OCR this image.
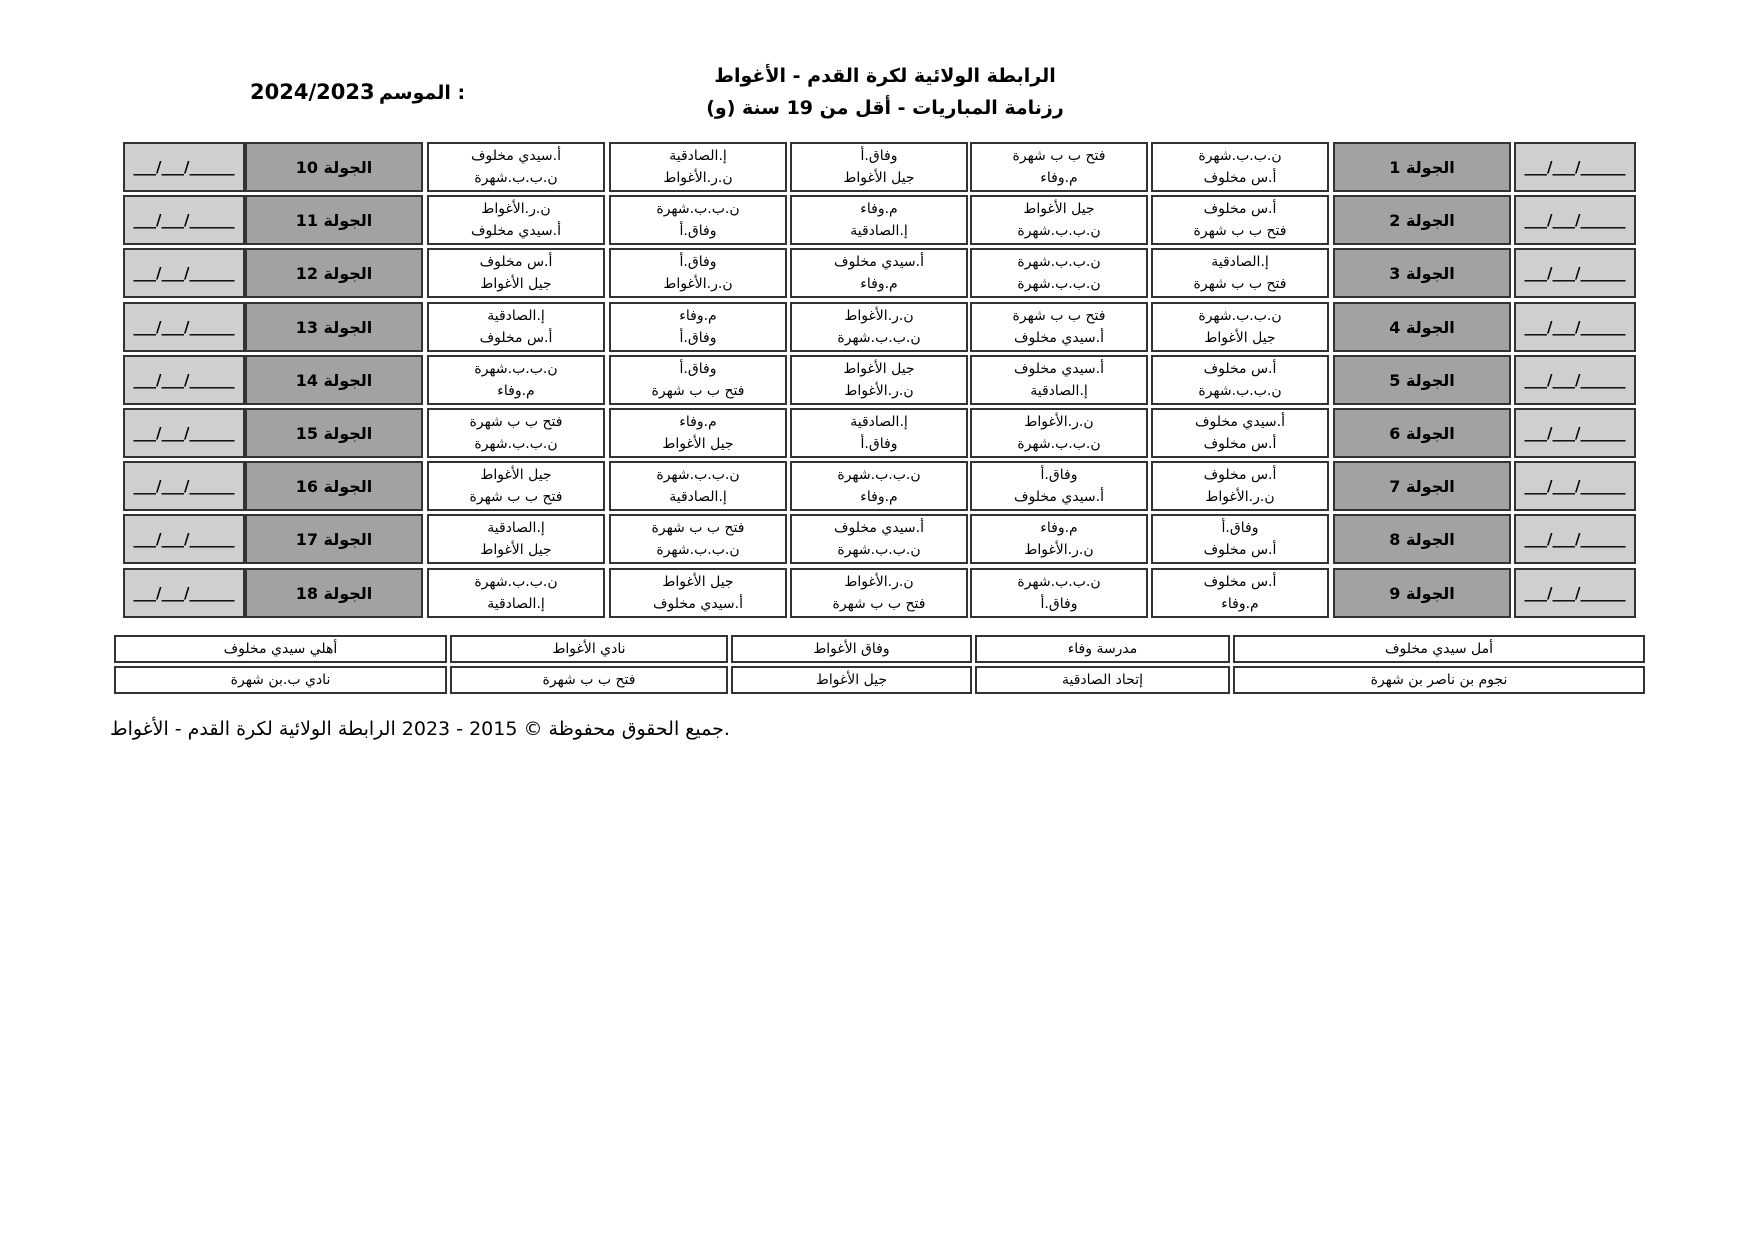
الرابطة الولائية لكرة القدم - الأغواط
رزنامة المباريات - أقل من 19 سنة (و)
الموسم :
2024/2023
___/___/______
الجولة 1
ن.ب.ب.شهرة
أ.س مخلوف
فتح ب ب شهرة
م.وفاء
وفاق.أ
جيل الأغواط
إ.الصادقية
ن.ر.الأغواط
أ.سيدي مخلوف
ن.ب.ب.شهرة
الجولة 10
___/___/______
___/___/______
الجولة 2
أ.س مخلوف
فتح ب ب شهرة
جيل الأغواط
ن.ب.ب.شهرة
م.وفاء
إ.الصادقية
ن.ب.ب.شهرة
وفاق.أ
ن.ر.الأغواط
أ.سيدي مخلوف
الجولة 11
___/___/______
___/___/______
الجولة 3
إ.الصادقية
فتح ب ب شهرة
ن.ب.ب.شهرة
ن.ب.ب.شهرة
أ.سيدي مخلوف
م.وفاء
وفاق.أ
ن.ر.الأغواط
أ.س مخلوف
جيل الأغواط
الجولة 12
___/___/______
___/___/______
الجولة 4
ن.ب.ب.شهرة
جيل الأغواط
فتح ب ب شهرة
أ.سيدي مخلوف
ن.ر.الأغواط
ن.ب.ب.شهرة
م.وفاء
وفاق.أ
إ.الصادقية
أ.س مخلوف
الجولة 13
___/___/______
___/___/______
الجولة 5
أ.س مخلوف
ن.ب.ب.شهرة
أ.سيدي مخلوف
إ.الصادقية
جيل الأغواط
ن.ر.الأغواط
وفاق.أ
فتح ب ب شهرة
ن.ب.ب.شهرة
م.وفاء
الجولة 14
___/___/______
___/___/______
الجولة 6
أ.سيدي مخلوف
أ.س مخلوف
ن.ر.الأغواط
ن.ب.ب.شهرة
إ.الصادقية
وفاق.أ
م.وفاء
جيل الأغواط
فتح ب ب شهرة
ن.ب.ب.شهرة
الجولة 15
___/___/______
___/___/______
الجولة 7
أ.س مخلوف
ن.ر.الأغواط
وفاق.أ
أ.سيدي مخلوف
ن.ب.ب.شهرة
م.وفاء
ن.ب.ب.شهرة
إ.الصادقية
جيل الأغواط
فتح ب ب شهرة
الجولة 16
___/___/______
___/___/______
الجولة 8
وفاق.أ
أ.س مخلوف
م.وفاء
ن.ر.الأغواط
أ.سيدي مخلوف
ن.ب.ب.شهرة
فتح ب ب شهرة
ن.ب.ب.شهرة
إ.الصادقية
جيل الأغواط
الجولة 17
___/___/______
___/___/______
الجولة 9
أ.س مخلوف
م.وفاء
ن.ب.ب.شهرة
وفاق.أ
ن.ر.الأغواط
فتح ب ب شهرة
جيل الأغواط
أ.سيدي مخلوف
ن.ب.ب.شهرة
إ.الصادقية
الجولة 18
___/___/______
أمل سيدي مخلوف
مدرسة وفاء
وفاق الأغواط
نادي الأغواط
أهلي سيدي مخلوف
نجوم بن ناصر بن شهرة
إتحاد الصادقية
جيل الأغواط
فتح ب ب شهرة
نادي ب.بن شهرة
جميع الحقوق محفوظة © 2015 - 2023 الرابطة الولائية لكرة القدم - الأغواط.
